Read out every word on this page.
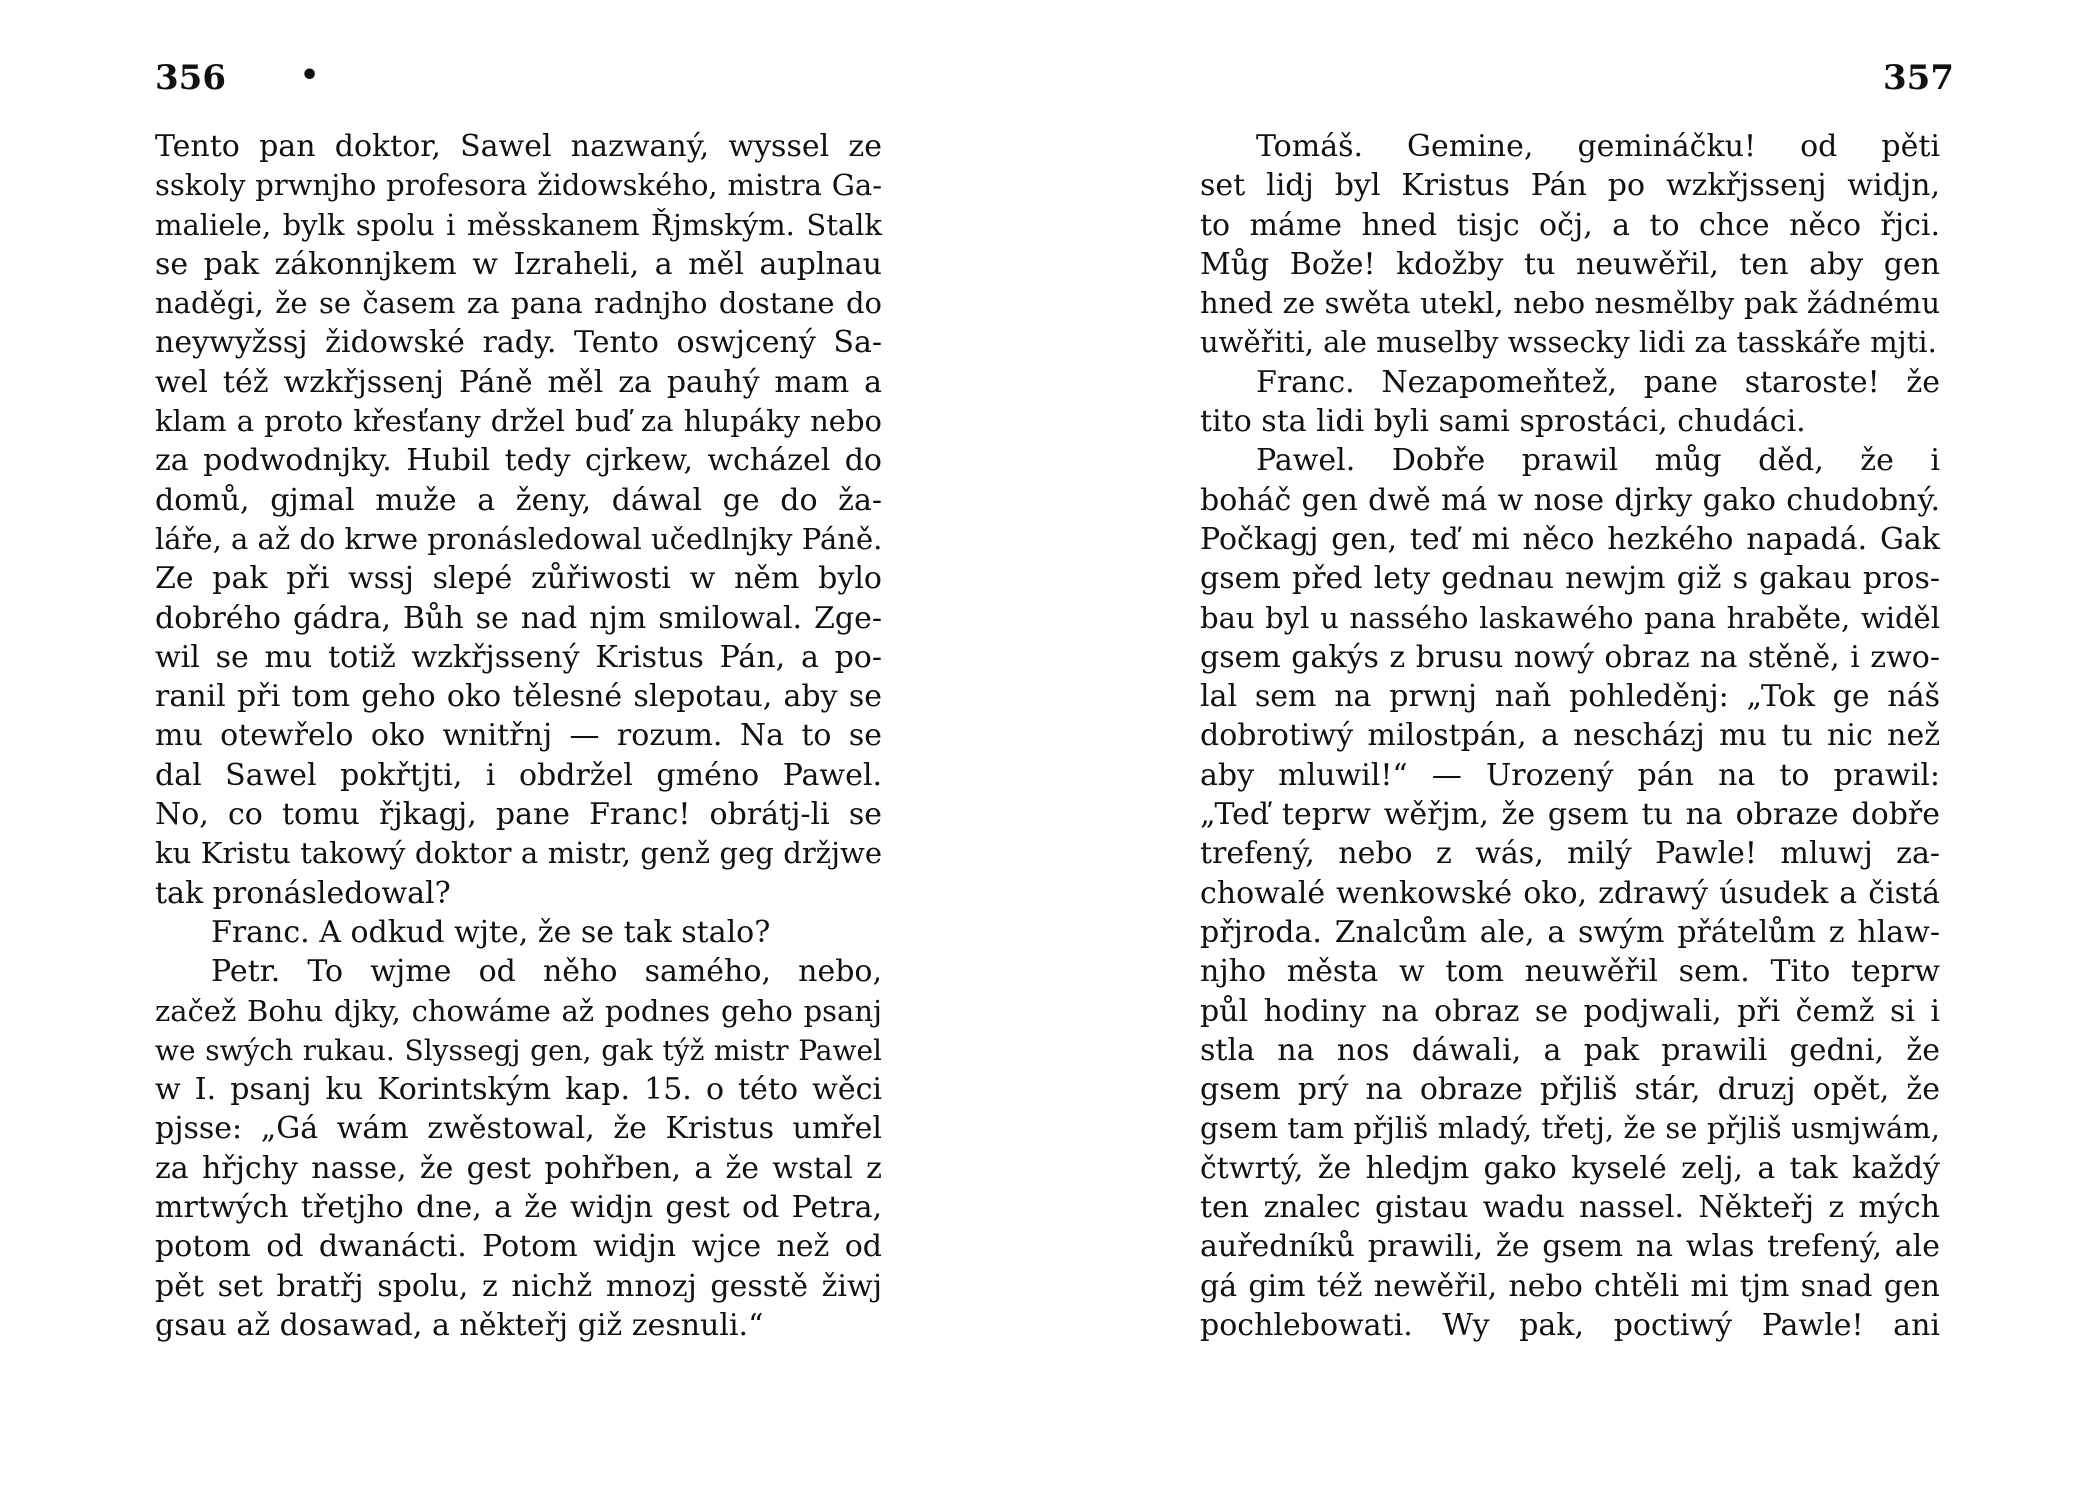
356 •	357
Tento pan doktor, Sawel nazwaný, wyssel ze
sskoly prwnjho profesora židowského, mistra Ga-
maliele, bylk spolu i měsskanem Řjmským. Stalk
se pak zákonnjkem w Izraheli, a měl auplnau
naděgi, že se časem za pana radnjho dostane do
neywyžssj židowské rady. Tento oswjcený Sa-
wel též wzkřjssenj Páně měl za pauhý mam a
klam a proto křesťany držel buď za hlupáky nebo
za podwodnjky. Hubil tedy cjrkew, wcházel do
domů, gjmal muže a ženy, dáwal ge do ža-
láře, a až do krwe pronásledowal učedlnjky Páně.
Ze pak při wssj slepé zůřiwosti w něm bylo
dobrého gádra, Bůh se nad njm smilowal. Zge-
wil se mu totiž wzkřjssený Kristus Pán, a po-
ranil při tom geho oko tělesné slepotau, aby se
mu otewřelo oko wnitřnj — rozum. Na to se
dal Sawel pokřtjti, i obdržel gméno Pawel.
No, co tomu řjkagj, pane Franc! obrátj-li se
ku Kristu takowý doktor a mistr, genž geg držjwe
tak pronásledowal?
Franc. A odkud wjte, že se tak stalo?
Petr. To wjme od něho samého, nebo,
začež Bohu djky, chowáme až podnes geho psanj
we swých rukau. Slyssegj gen, gak týž mistr Pawel
w I. psanj ku Korintským kap. 15. o této wěci
pjsse: „Gá wám zwěstowal, že Kristus umřel
za hřjchy nasse, že gest pohřben, a že wstal z
mrtwých třetjho dne, a že widjn gest od Petra,
potom od dwanácti. Potom widjn wjce než od
pět set bratřj spolu, z nichž mnozj gesstě žiwj
gsau až dosawad, a někteřj giž zesnuli.“
Tomáš. Gemine, gemináčku! od pěti
set lidj byl Kristus Pán po wzkřjssenj widjn,
to máme hned tisjc očj, a to chce něco řjci.
Můg Bože! kdožby tu neuwěřil, ten aby gen
hned ze swěta utekl, nebo nesmělby pak žádnému
uwěřiti, ale muselby wssecky lidi za tasskáře mjti.
Franc. Nezapomeňtež, pane staroste! že
tito sta lidi byli sami sprostáci, chudáci.
Pawel. Dobře prawil můg děd, že i
boháč gen dwě má w nose djrky gako chudobný.
Počkagj gen, teď mi něco hezkého napadá. Gak
gsem před lety gednau newjm giž s gakau pros-
bau byl u nassého laskawého pana hraběte, widěl
gsem gakýs z brusu nowý obraz na stěně, i zwo-
lal sem na prwnj naň pohleděnj: „Tok ge náš
dobrotiwý milostpán, a nescházj mu tu nic než
aby mluwil!“ — Urozený pán na to prawil:
„Teď teprw wěřjm, že gsem tu na obraze dobře
trefený, nebo z wás, milý Pawle! mluwj za-
chowalé wenkowské oko, zdrawý úsudek a čistá
přjroda. Znalcům ale, a swým přátelům z hlaw-
njho města w tom neuwěřil sem. Tito teprw
půl hodiny na obraz se podjwali, při čemž si i
stla na nos dáwali, a pak prawili gedni, že
gsem prý na obraze přjliš stár, druzj opět, že
gsem tam přjliš mladý, třetj, že se přjliš usmjwám,
čtwrtý, že hledjm gako kyselé zelj, a tak každý
ten znalec gistau wadu nassel. Někteřj z mých
auředníků prawili, že gsem na wlas trefený, ale
gá gim též newěřil, nebo chtěli mi tjm snad gen
pochlebowati. Wy pak, poctiwý Pawle! ani
